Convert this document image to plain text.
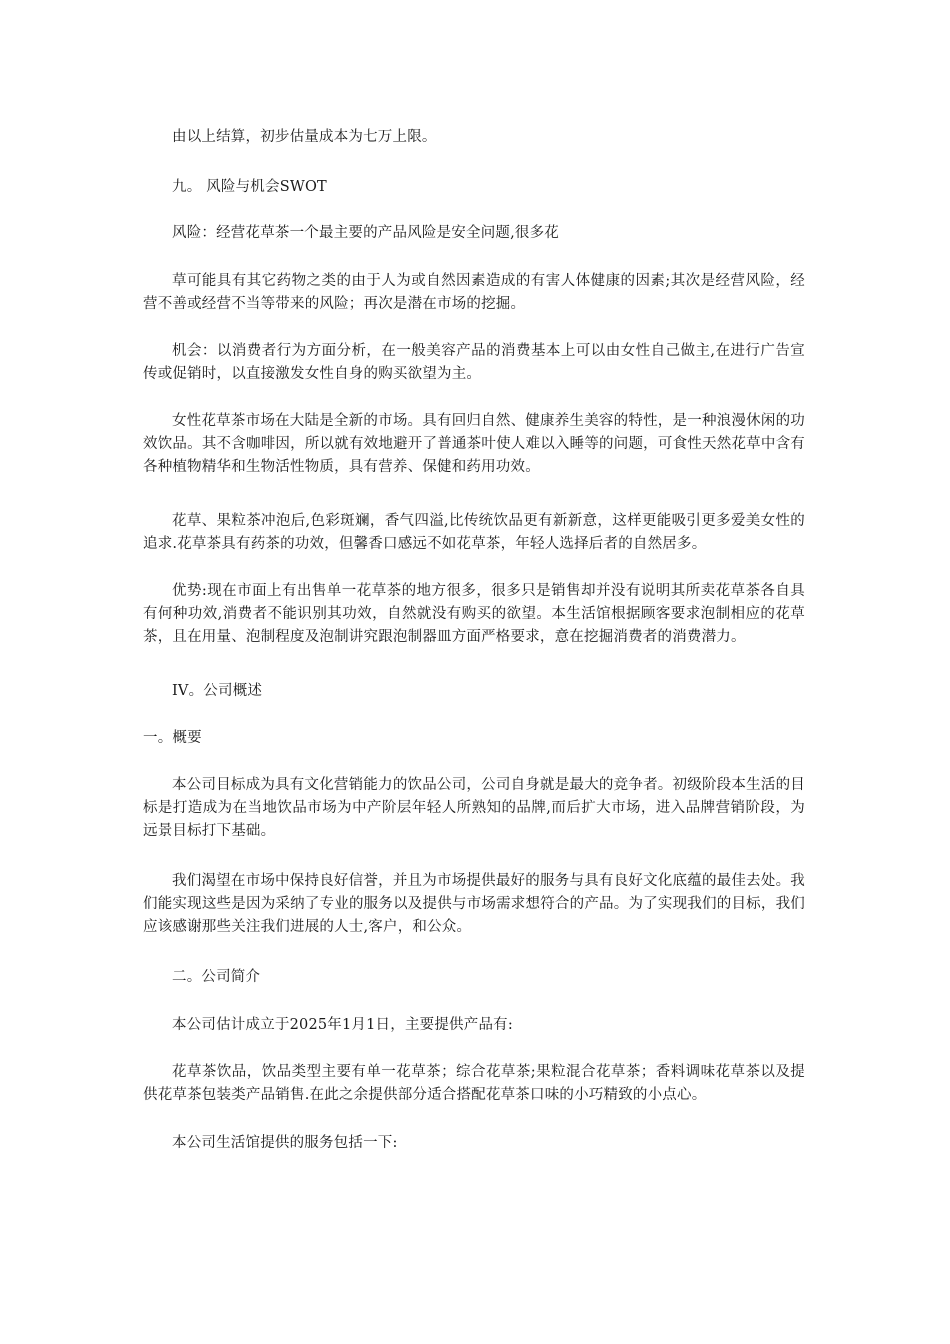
由以上结算，初步估量成本为七万上限。

九。 风险与机会SWOT

风险：经营花草茶一个最主要的产品风险是安全问题,很多花

草可能具有其它药物之类的由于人为或自然因素造成的有害人体健康的因素;其次是经营风险，经营不善或经营不当等带来的风险；再次是潜在市场的挖掘。

机会：以消费者行为方面分析，在一般美容产品的消费基本上可以由女性自己做主,在进行广告宣传或促销时，以直接激发女性自身的购买欲望为主。

女性花草茶市场在大陆是全新的市场。具有回归自然、健康养生美容的特性，是一种浪漫休闲的功效饮品。其不含咖啡因，所以就有效地避开了普通茶叶使人难以入睡等的问题，可食性天然花草中含有各种植物精华和生物活性物质，具有营养、保健和药用功效。

花草、果粒茶冲泡后,色彩斑斓，香气四溢,比传统饮品更有新新意，这样更能吸引更多爱美女性的追求.花草茶具有药茶的功效，但馨香口感远不如花草茶，年轻人选择后者的自然居多。

优势:现在市面上有出售单一花草茶的地方很多，很多只是销售却并没有说明其所卖花草茶各自具有何种功效,消费者不能识别其功效，自然就没有购买的欲望。本生活馆根据顾客要求泡制相应的花草茶，且在用量、泡制程度及泡制讲究跟泡制器皿方面严格要求，意在挖掘消费者的消费潜力。

IV。公司概述

一。概要

本公司目标成为具有文化营销能力的饮品公司，公司自身就是最大的竞争者。初级阶段本生活的目标是打造成为在当地饮品市场为中产阶层年轻人所熟知的品牌,而后扩大市场，进入品牌营销阶段，为远景目标打下基础。

我们渴望在市场中保持良好信誉，并且为市场提供最好的服务与具有良好文化底蕴的最佳去处。我们能实现这些是因为采纳了专业的服务以及提供与市场需求想符合的产品。为了实现我们的目标，我们应该感谢那些关注我们进展的人士,客户，和公众。

二。公司简介

本公司估计成立于2025年1月1日，主要提供产品有:

花草茶饮品，饮品类型主要有单一花草茶；综合花草茶;果粒混合花草茶；香料调味花草茶以及提供花草茶包装类产品销售.在此之余提供部分适合搭配花草茶口味的小巧精致的小点心。

本公司生活馆提供的服务包括一下:
